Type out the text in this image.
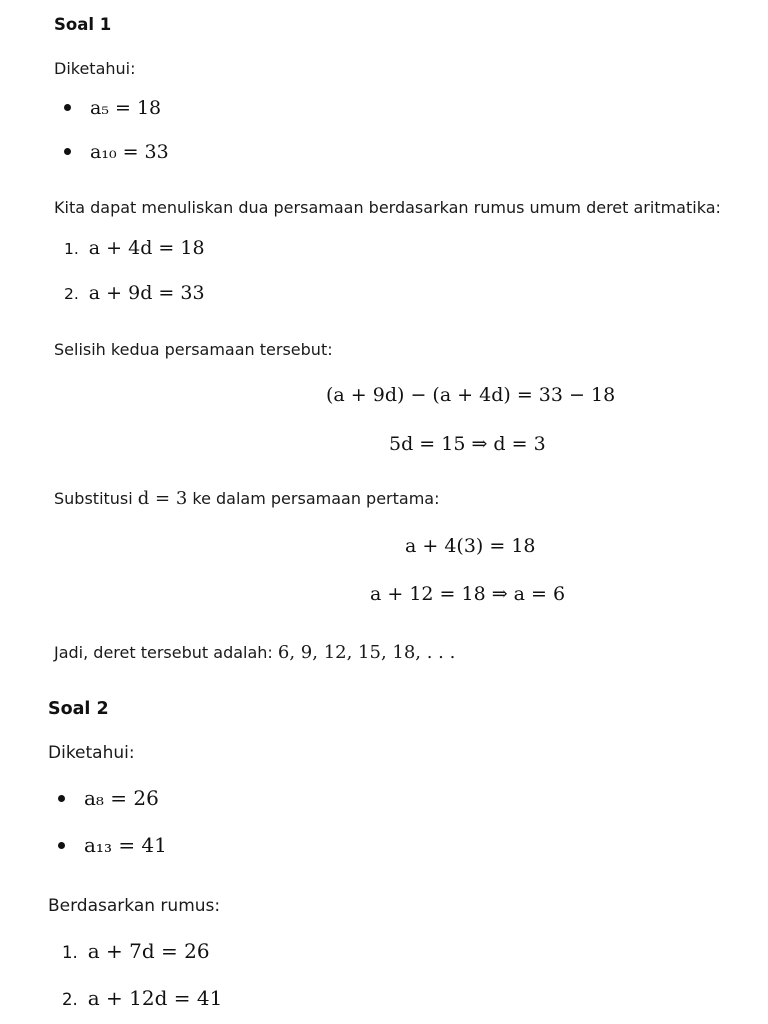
Soal 1
Diketahui:
a₅ = 18
a₁₀ = 33
Kita dapat menuliskan dua persamaan berdasarkan rumus umum deret aritmatika:
1. a + 4d = 18
2. a + 9d = 33
Selisih kedua persamaan tersebut:
(a + 9d) − (a + 4d) = 33 − 18
5d = 15 ⇒ d = 3
Substitusi d = 3 ke dalam persamaan pertama:
a + 4(3) = 18
a + 12 = 18 ⇒ a = 6
Jadi, deret tersebut adalah: 6, 9, 12, 15, 18, . . .
Soal 2
Diketahui:
a₈ = 26
a₁₃ = 41
Berdasarkan rumus:
1. a + 7d = 26
2. a + 12d = 41
